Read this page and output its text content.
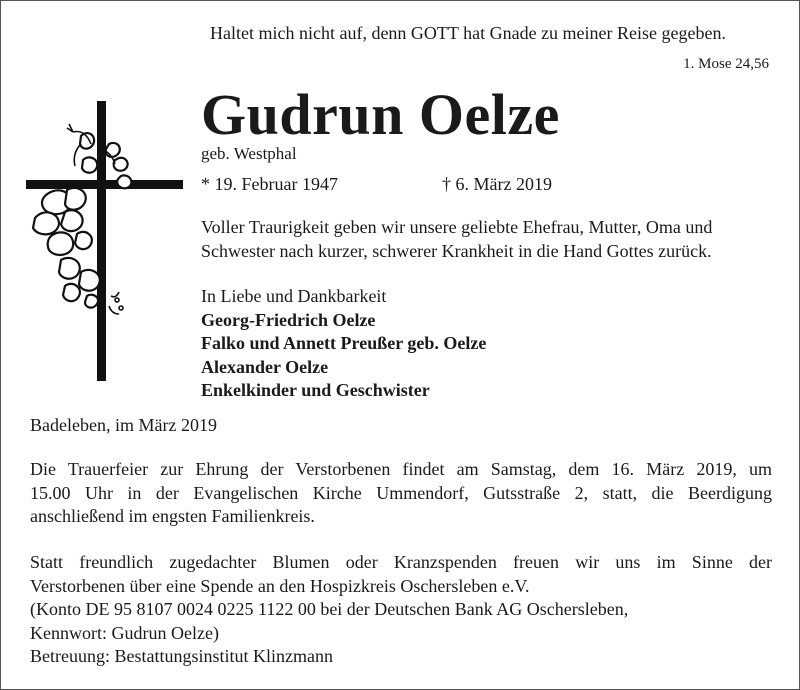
Haltet mich nicht auf, denn GOTT hat Gnade zu meiner Reise gegeben.
1. Mose 24,56
Gudrun Oelze
geb. Westphal
* 19. Februar 1947	† 6. März 2019
Voller Traurigkeit geben wir unsere geliebte Ehefrau, Mutter, Oma und
Schwester nach kurzer, schwerer Krankheit in die Hand Gottes zurück.
In Liebe und Dankbarkeit
Georg-Friedrich Oelze
Falko und Annett Preußer geb. Oelze
Alexander Oelze
Enkelkinder und Geschwister
Badeleben, im März 2019
Die Trauerfeier zur Ehrung der Verstorbenen findet am Samstag, dem 16. März 2019, um
15.00 Uhr in der Evangelischen Kirche Ummendorf, Gutsstraße 2, statt, die Beerdigung
anschließend im engsten Familienkreis.
Statt freundlich zugedachter Blumen oder Kranzspenden freuen wir uns im Sinne der
Verstorbenen über eine Spende an den Hospizkreis Oschersleben e.V.
(Konto DE 95 8107 0024 0225 1122 00 bei der Deutschen Bank AG Oschersleben,
Kennwort: Gudrun Oelze)
Betreuung: Bestattungsinstitut Klinzmann
